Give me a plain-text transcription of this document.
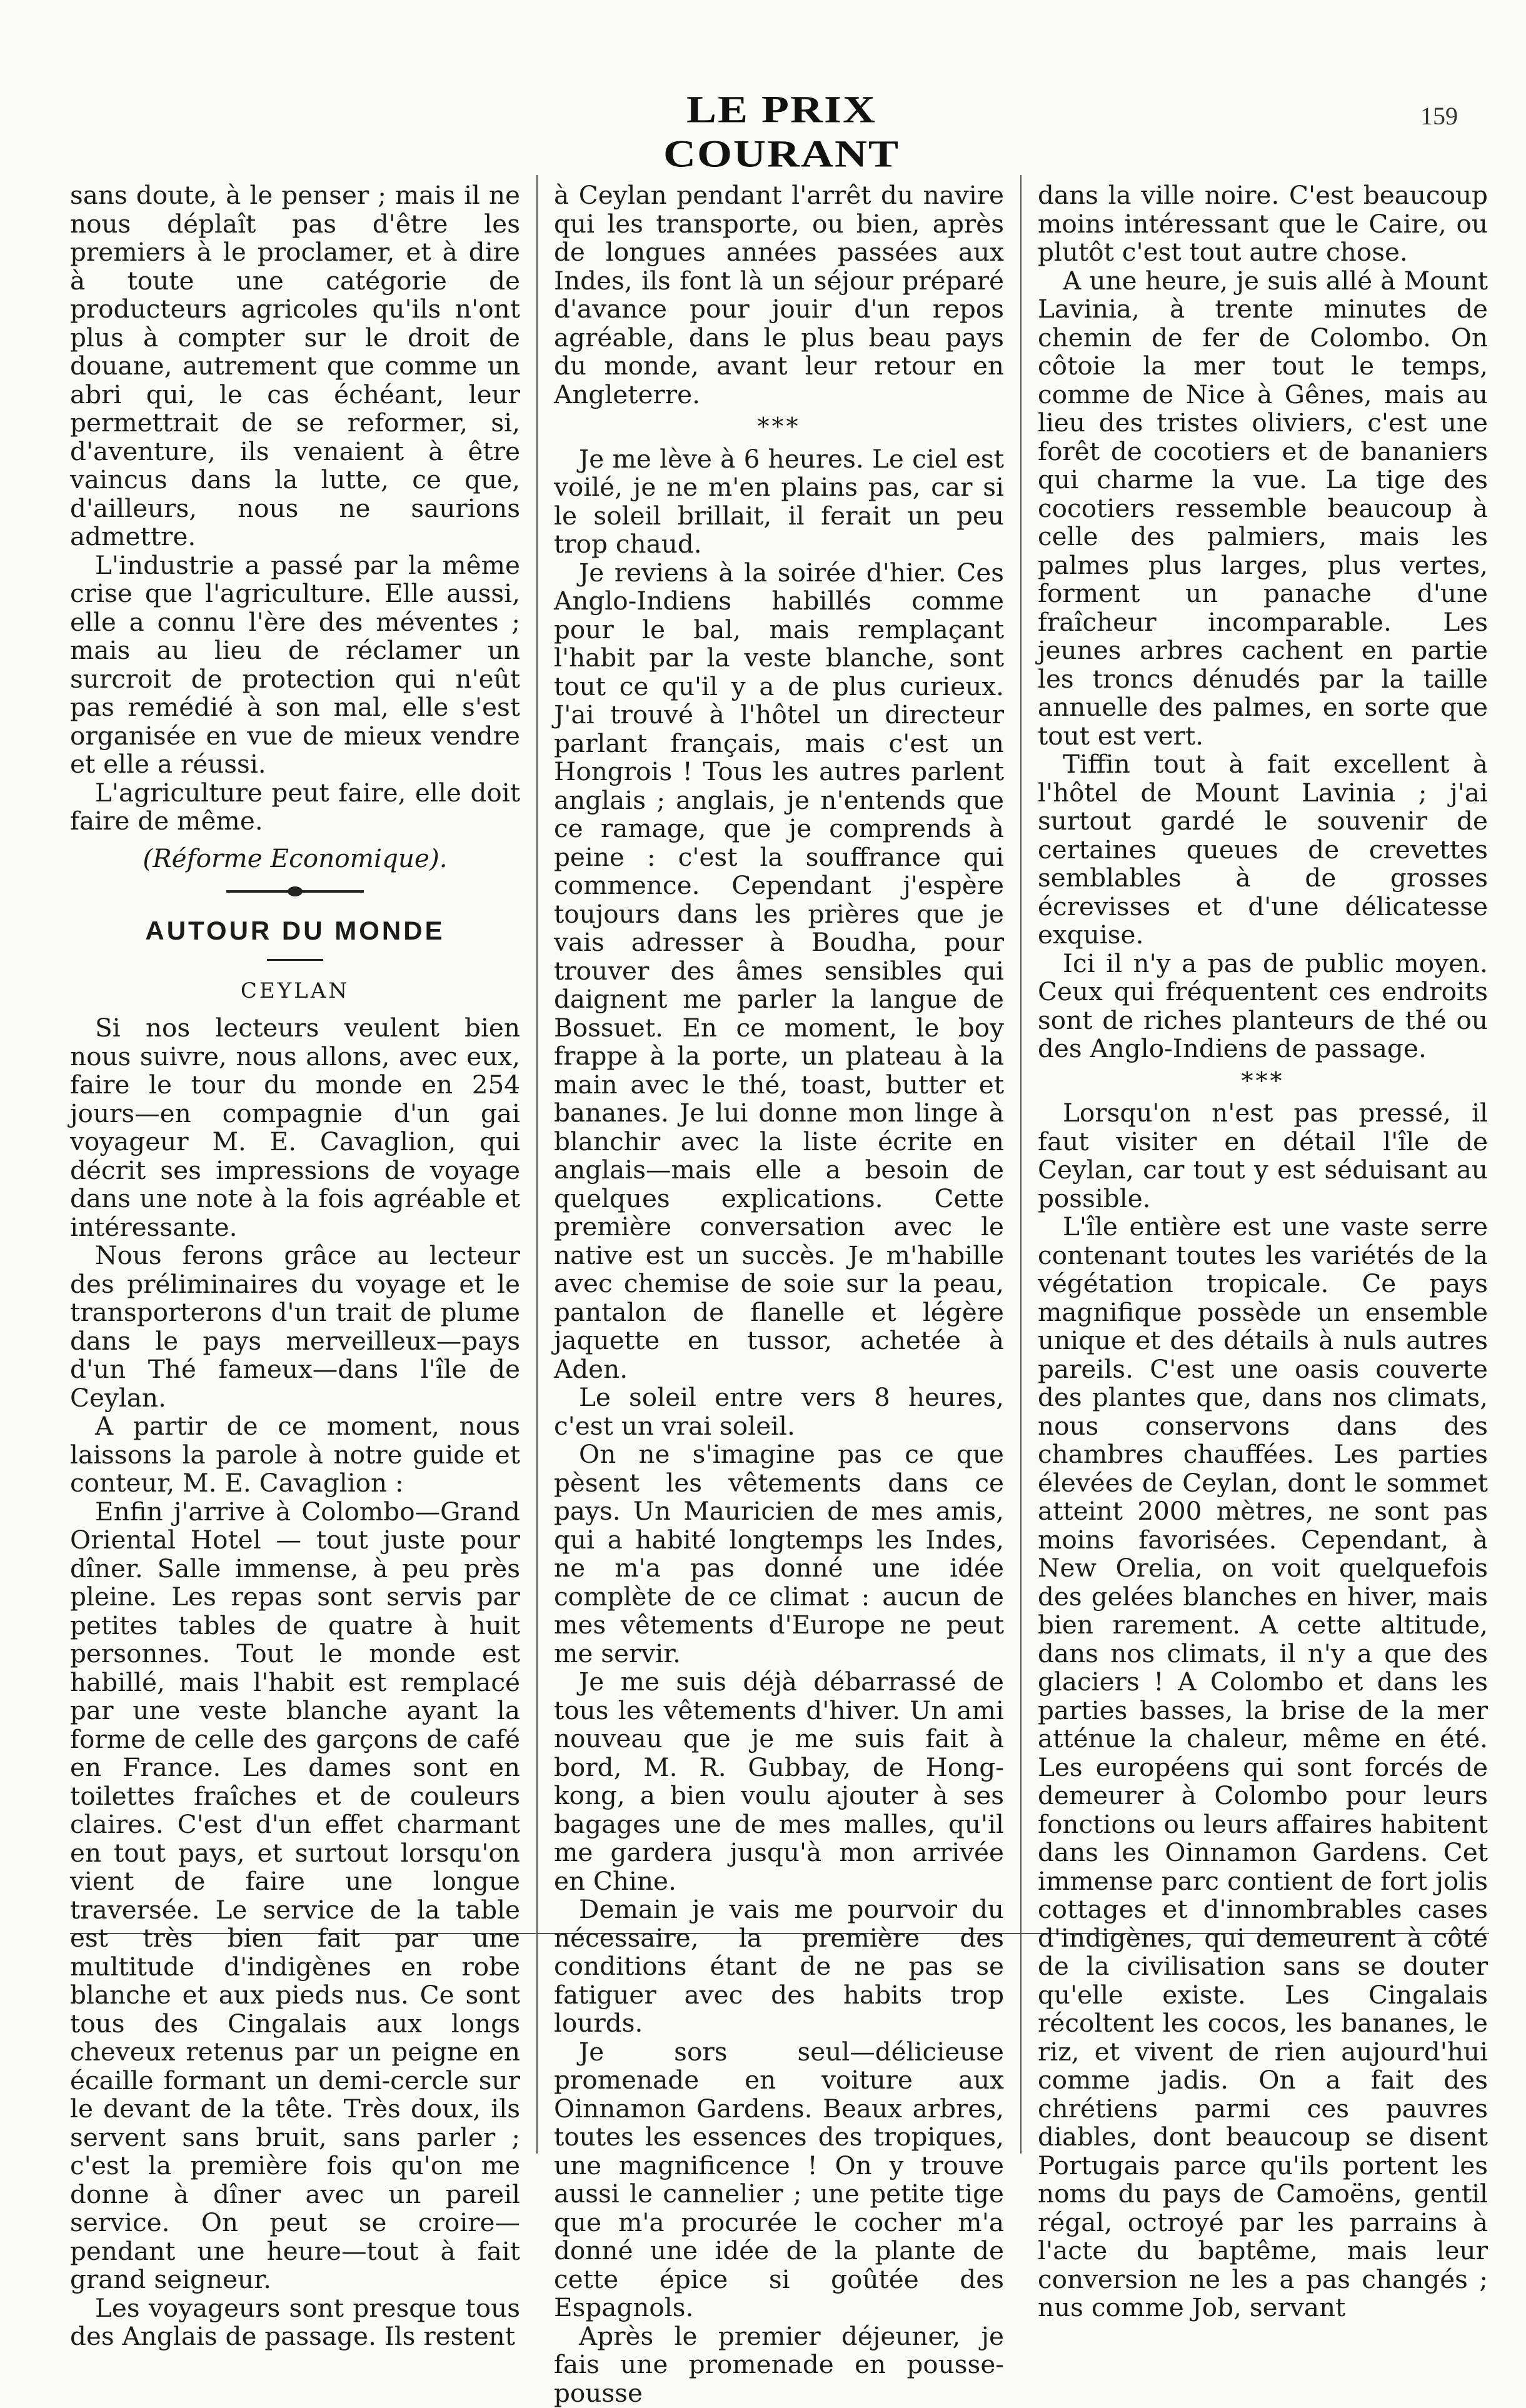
LE PRIX COURANT
159

sans doute, à le penser ; mais il ne nous déplaît pas d'être les premiers à le proclamer, et à dire à toute une catégorie de producteurs agricoles qu'ils n'ont plus à compter sur le droit de douane, autrement que comme un abri qui, le cas échéant, leur permettrait de se reformer, si, d'aventure, ils venaient à être vaincus dans la lutte, ce que, d'ailleurs, nous ne saurions admettre.

L'industrie a passé par la même crise que l'agriculture. Elle aussi, elle a connu l'ère des méventes ; mais au lieu de réclamer un surcroit de protection qui n'eût pas remédié à son mal, elle s'est organisée en vue de mieux vendre et elle a réussi.

L'agriculture peut faire, elle doit faire de même.

(Réforme Economique).

AUTOUR DU MONDE

CEYLAN

Si nos lecteurs veulent bien nous suivre, nous allons, avec eux, faire le tour du monde en 254 jours—en compagnie d'un gai voyageur M. E. Cavaglion, qui décrit ses impressions de voyage dans une note à la fois agréable et intéressante.

Nous ferons grâce au lecteur des préliminaires du voyage et le transporterons d'un trait de plume dans le pays merveilleux—pays d'un Thé fameux—dans l'île de Ceylan.

A partir de ce moment, nous laissons la parole à notre guide et conteur, M. E. Cavaglion :

Enfin j'arrive à Colombo—Grand Oriental Hotel — tout juste pour dîner. Salle immense, à peu près pleine. Les repas sont servis par petites tables de quatre à huit personnes. Tout le monde est habillé, mais l'habit est remplacé par une veste blanche ayant la forme de celle des garçons de café en France. Les dames sont en toilettes fraîches et de couleurs claires. C'est d'un effet charmant en tout pays, et surtout lorsqu'on vient de faire une longue traversée. Le service de la table est très bien fait par une multitude d'indigènes en robe blanche et aux pieds nus. Ce sont tous des Cingalais aux longs cheveux retenus par un peigne en écaille formant un demi-cercle sur le devant de la tête. Très doux, ils servent sans bruit, sans parler ; c'est la première fois qu'on me donne à dîner avec un pareil service. On peut se croire—pendant une heure—tout à fait grand seigneur.

Les voyageurs sont presque tous des Anglais de passage. Ils restent

à Ceylan pendant l'arrêt du navire qui les transporte, ou bien, après de longues années passées aux Indes, ils font là un séjour préparé d'avance pour jouir d'un repos agréable, dans le plus beau pays du monde, avant leur retour en Angleterre.

***

Je me lève à 6 heures. Le ciel est voilé, je ne m'en plains pas, car si le soleil brillait, il ferait un peu trop chaud.

Je reviens à la soirée d'hier. Ces Anglo-Indiens habillés comme pour le bal, mais remplaçant l'habit par la veste blanche, sont tout ce qu'il y a de plus curieux. J'ai trouvé à l'hôtel un directeur parlant français, mais c'est un Hongrois ! Tous les autres parlent anglais ; anglais, je n'entends que ce ramage, que je comprends à peine : c'est la souffrance qui commence. Cependant j'espère toujours dans les prières que je vais adresser à Boudha, pour trouver des âmes sensibles qui daignent me parler la langue de Bossuet. En ce moment, le boy frappe à la porte, un plateau à la main avec le thé, toast, butter et bananes. Je lui donne mon linge à blanchir avec la liste écrite en anglais—mais elle a besoin de quelques explications. Cette première conversation avec le native est un succès. Je m'habille avec chemise de soie sur la peau, pantalon de flanelle et légère jaquette en tussor, achetée à Aden.

Le soleil entre vers 8 heures, c'est un vrai soleil.

On ne s'imagine pas ce que pèsent les vêtements dans ce pays. Un Mauricien de mes amis, qui a habité longtemps les Indes, ne m'a pas donné une idée complète de ce climat : aucun de mes vêtements d'Europe ne peut me servir.

Je me suis déjà débarrassé de tous les vêtements d'hiver. Un ami nouveau que je me suis fait à bord, M. R. Gubbay, de Hong-kong, a bien voulu ajouter à ses bagages une de mes malles, qu'il me gardera jusqu'à mon arrivée en Chine.

Demain je vais me pourvoir du nécessaire, la première des conditions étant de ne pas se fatiguer avec des habits trop lourds.

Je sors seul—délicieuse promenade en voiture aux Oinnamon Gardens. Beaux arbres, toutes les essences des tropiques, une magnificence ! On y trouve aussi le cannelier ; une petite tige que m'a procurée le cocher m'a donné une idée de la plante de cette épice si goûtée des Espagnols.

Après le premier déjeuner, je fais une promenade en pousse-pousse

dans la ville noire. C'est beaucoup moins intéressant que le Caire, ou plutôt c'est tout autre chose.

A une heure, je suis allé à Mount Lavinia, à trente minutes de chemin de fer de Colombo. On côtoie la mer tout le temps, comme de Nice à Gênes, mais au lieu des tristes oliviers, c'est une forêt de cocotiers et de bananiers qui charme la vue. La tige des cocotiers ressemble beaucoup à celle des palmiers, mais les palmes plus larges, plus vertes, forment un panache d'une fraîcheur incomparable. Les jeunes arbres cachent en partie les troncs dénudés par la taille annuelle des palmes, en sorte que tout est vert.

Tiffin tout à fait excellent à l'hôtel de Mount Lavinia ; j'ai surtout gardé le souvenir de certaines queues de crevettes semblables à de grosses écrevisses et d'une délicatesse exquise.

Ici il n'y a pas de public moyen. Ceux qui fréquentent ces endroits sont de riches planteurs de thé ou des Anglo-Indiens de passage.

***

Lorsqu'on n'est pas pressé, il faut visiter en détail l'île de Ceylan, car tout y est séduisant au possible.

L'île entière est une vaste serre contenant toutes les variétés de la végétation tropicale. Ce pays magnifique possède un ensemble unique et des détails à nuls autres pareils. C'est une oasis couverte des plantes que, dans nos climats, nous conservons dans des chambres chauffées. Les parties élevées de Ceylan, dont le sommet atteint 2000 mètres, ne sont pas moins favorisées. Cependant, à New Orelia, on voit quelquefois des gelées blanches en hiver, mais bien rarement. A cette altitude, dans nos climats, il n'y a que des glaciers ! A Colombo et dans les parties basses, la brise de la mer atténue la chaleur, même en été. Les européens qui sont forcés de demeurer à Colombo pour leurs fonctions ou leurs affaires habitent dans les Oinnamon Gardens. Cet immense parc contient de fort jolis cottages et d'innombrables cases d'indigènes, qui demeurent à côté de la civilisation sans se douter qu'elle existe. Les Cingalais récoltent les cocos, les bananes, le riz, et vivent de rien aujourd'hui comme jadis. On a fait des chrétiens parmi ces pauvres diables, dont beaucoup se disent Portugais parce qu'ils portent les noms du pays de Camoëns, gentil régal, octroyé par les parrains à l'acte du baptême, mais leur conversion ne les a pas changés ; nus comme Job, servant
